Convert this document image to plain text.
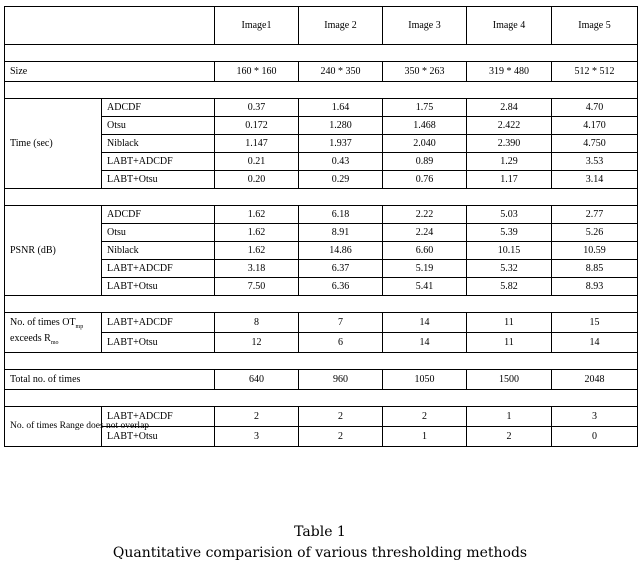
		Image1	Image 2	Image 3	Image 4	Image 5

Size		160 * 160	240 * 350	350 * 263	319 * 480	512 * 512

Time (sec)	ADCDF	0.37	1.64	1.75	2.84	4.70
	Otsu	0.172	1.280	1.468	2.422	4.170
	Niblack	1.147	1.937	2.040	2.390	4.750
	LABT+ADCDF	0.21	0.43	0.89	1.29	3.53
	LABT+Otsu	0.20	0.29	0.76	1.17	3.14

PSNR (dB)	ADCDF	1.62	6.18	2.22	5.03	2.77
	Otsu	1.62	8.91	2.24	5.39	5.26
	Niblack	1.62	14.86	6.60	10.15	10.59
	LABT+ADCDF	3.18	6.37	5.19	5.32	8.85
	LABT+Otsu	7.50	6.36	5.41	5.82	8.93

No. of times $OT_{mp}$
exceeds $R_{mo}$	LABT+ADCDF	8	7	14	11	15
	LABT+Otsu	12	6	14	11	14

Total no. of times		640	960	1050	1500	2048

No. of times Range does not overlap	LABT+ADCDF	2	2	2	1	3
	LABT+Otsu	3	2	1	2	0
Table 1
Quantitative comparision of various thresholding methods
